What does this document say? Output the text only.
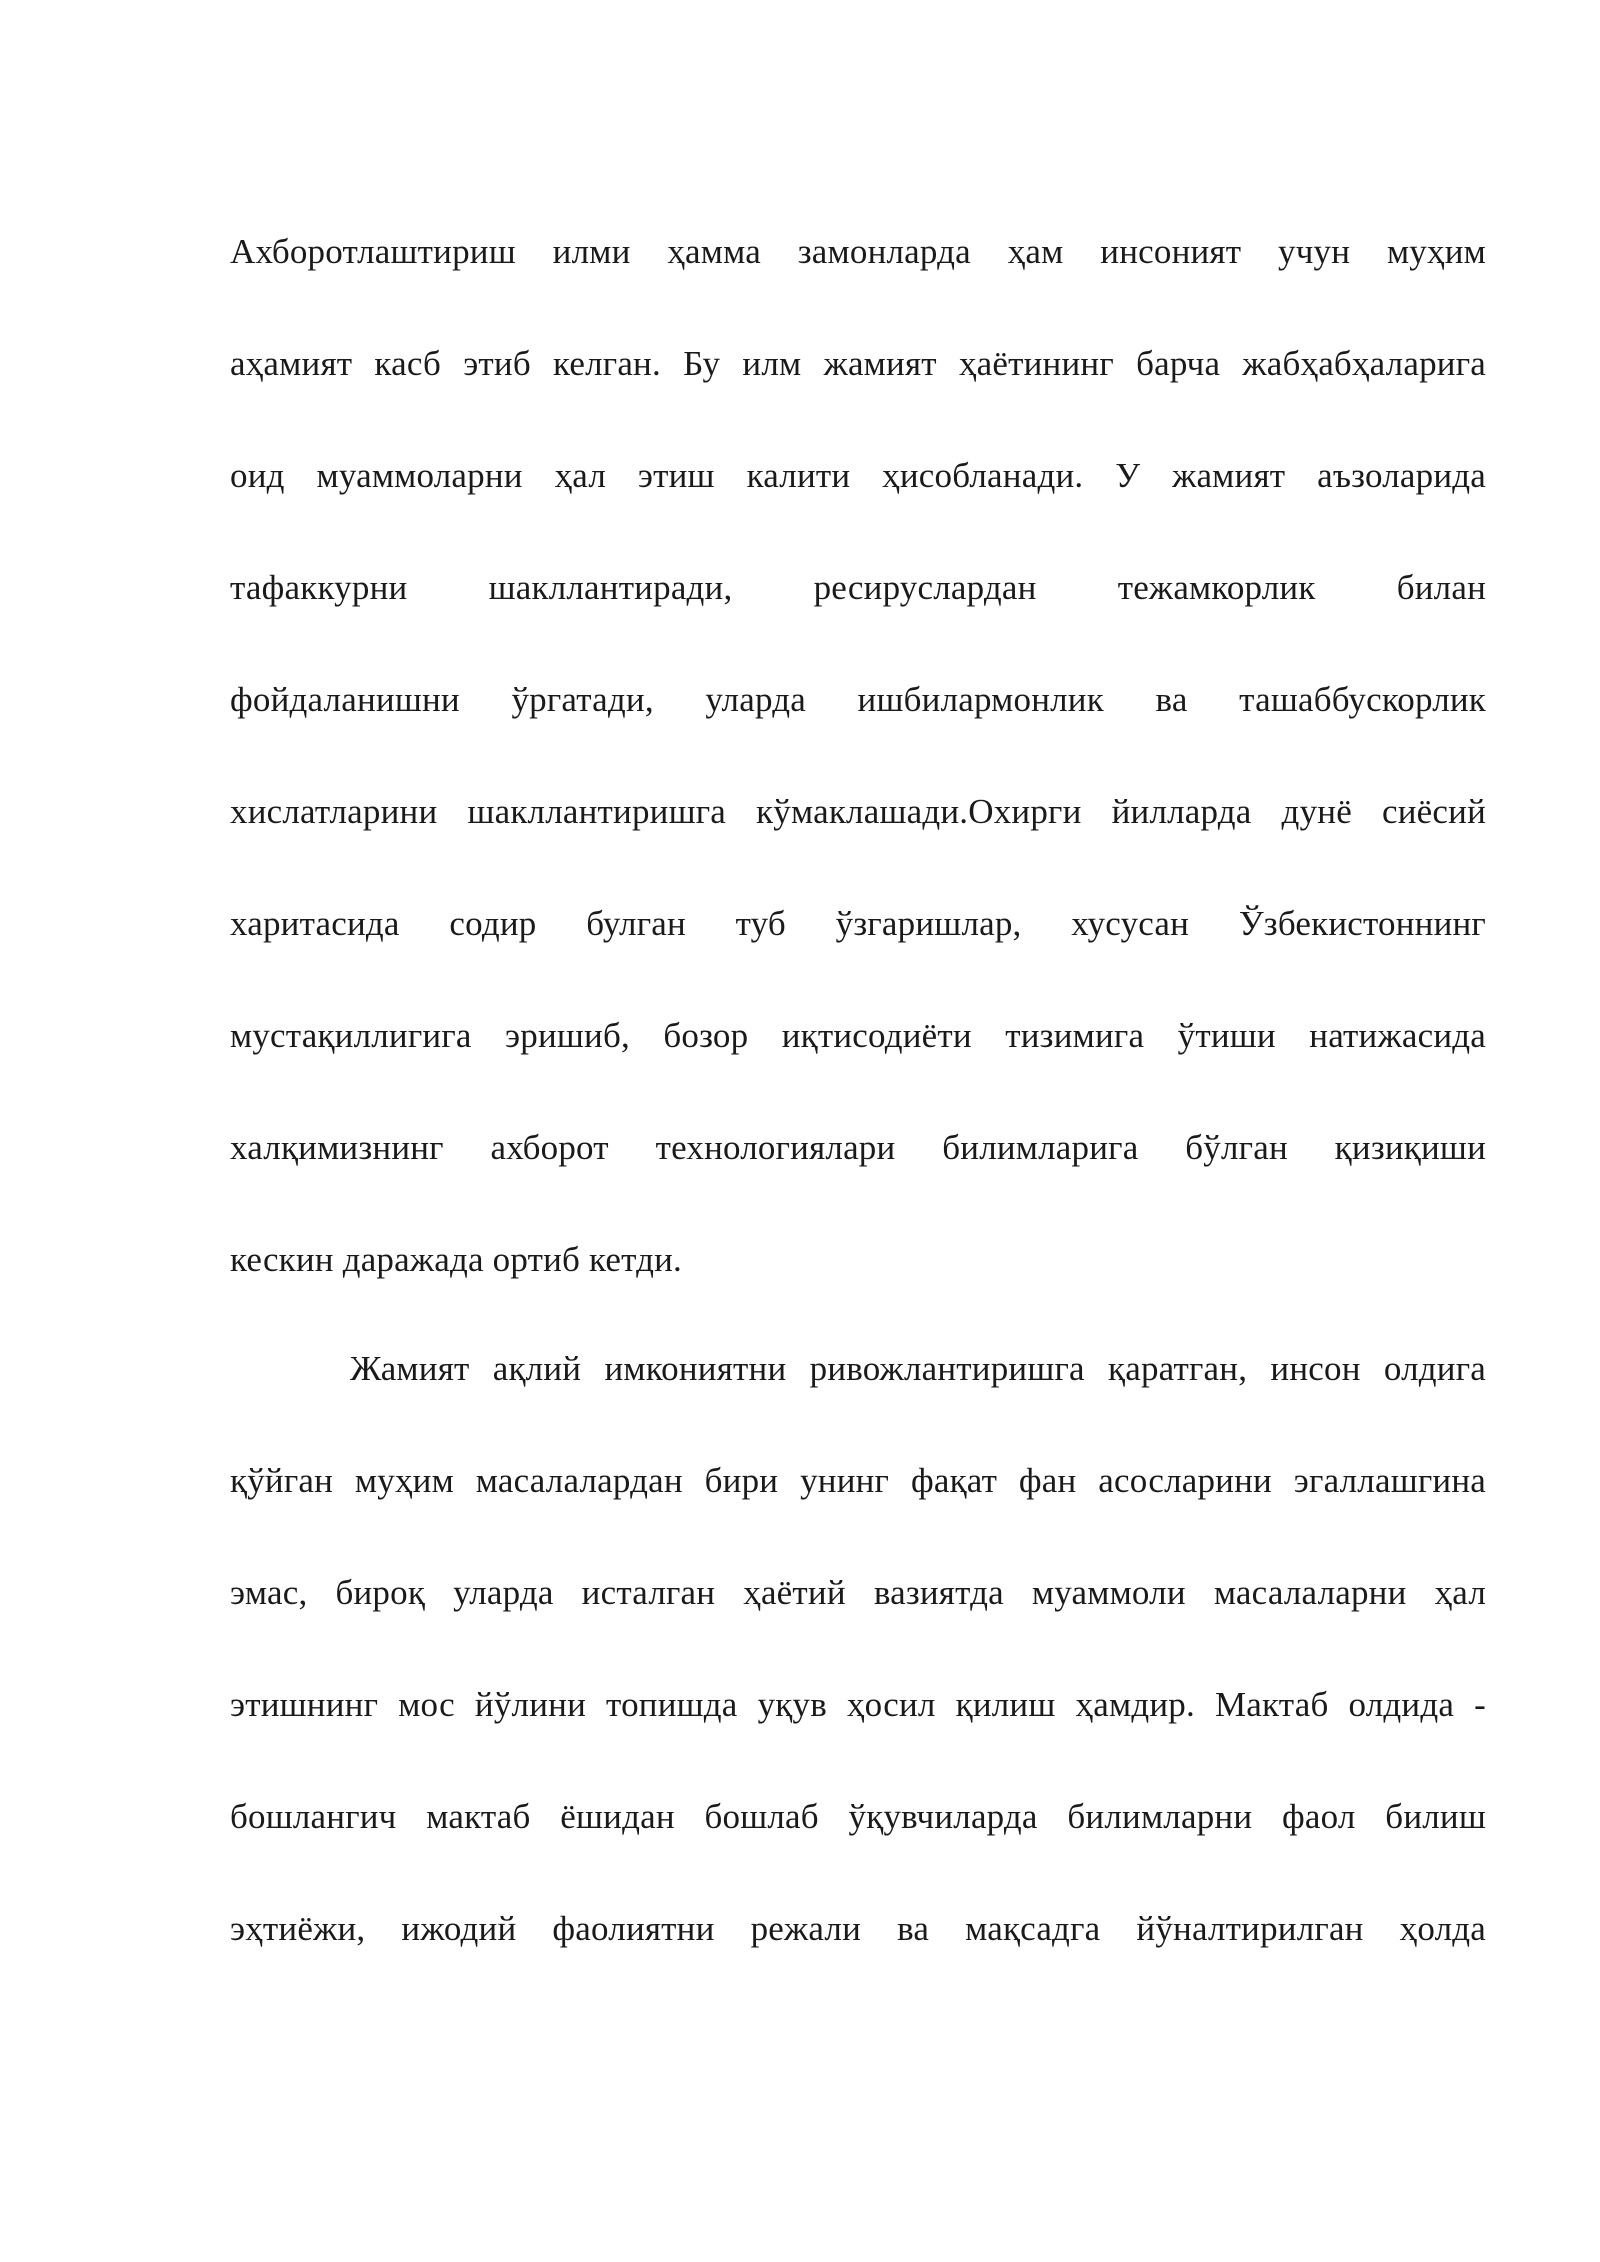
Ахборотлаштириш илми ҳамма замонларда ҳам инсоният учун муҳим
аҳамият касб этиб келган. Бу илм жамият ҳаётининг барча жабҳабҳаларига
оид муаммоларни ҳал этиш калити ҳисобланади. У жамият аъзоларида
тафаккурни шакллантиради, ресируслардан тежамкорлик билан
фойдаланишни ўргатади, уларда ишбилармонлик ва ташаббускорлик
хислатларини шакллантиришга кўмаклашади.Охирги йилларда дунё сиёсий
харитасида содир булган туб ўзгаришлар, хусусан Ўзбекистоннинг
мустақиллигига эришиб, бозор иқтисодиёти тизимига ўтиши натижасида
халқимизнинг ахборот технологиялари билимларига бўлган қизиқиши
кескин даражада ортиб кетди.
Жамият ақлий имкониятни ривожлантиришга қаратган, инсон олдига
қўйган муҳим масалалардан бири унинг фақат фан асосларини эгаллашгина
эмас, бироқ уларда исталган ҳаётий вазиятда муаммоли масалаларни ҳал
этишнинг мос йўлини топишда уқув ҳосил қилиш ҳамдир. Мактаб олдида -
бошлангич мактаб ёшидан бошлаб ўқувчиларда билимларни фаол билиш
эҳтиёжи, ижодий фаолиятни режали ва мақсадга йўналтирилган ҳолда
